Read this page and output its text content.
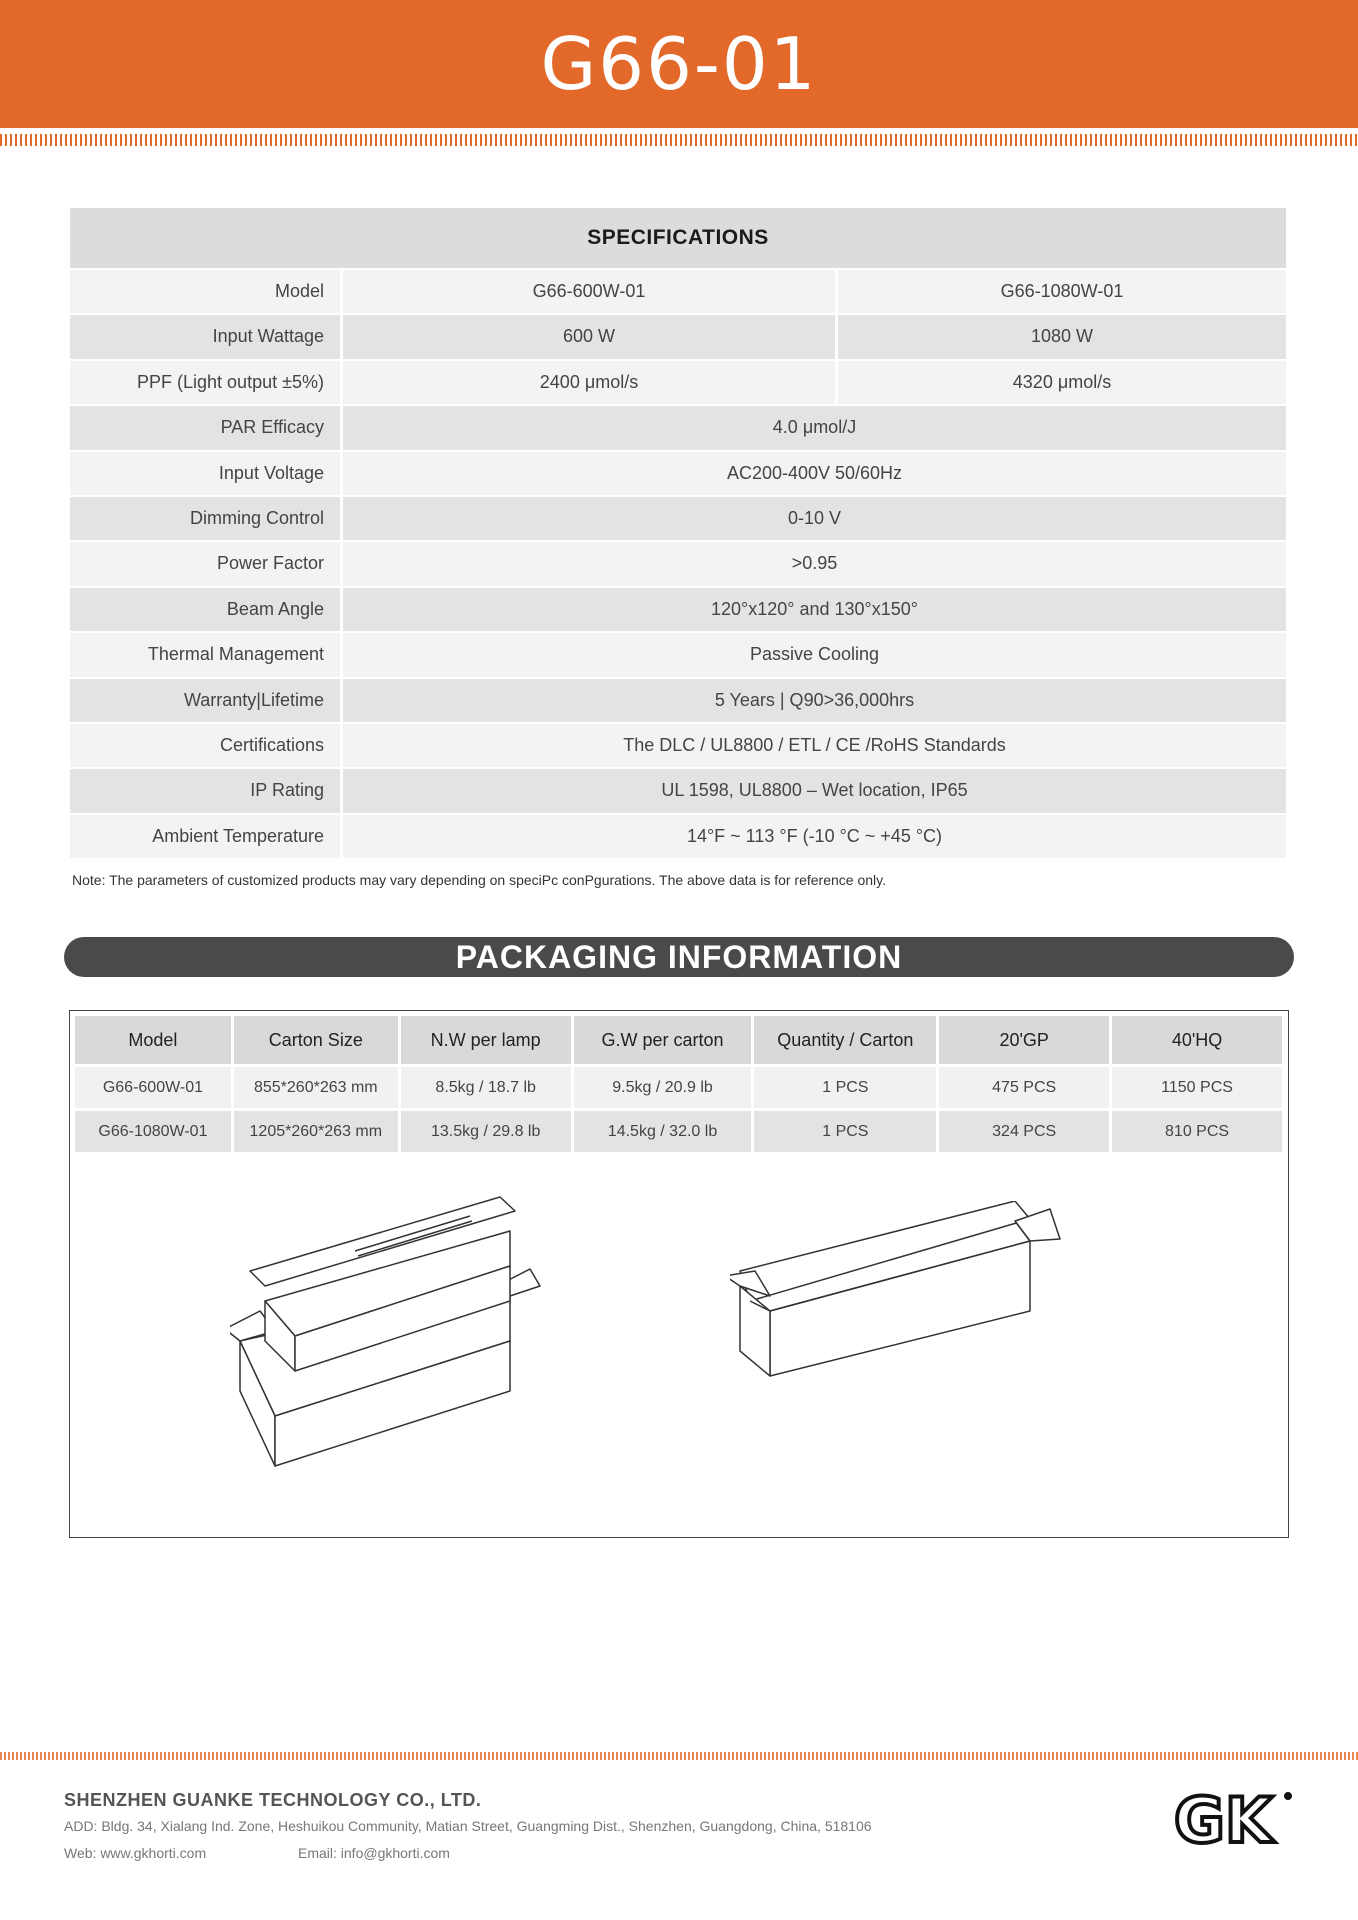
G66-01
SPECIFICATIONS
Model	G66-600W-01	G66-1080W-01
Input Wattage	600 W	1080 W
PPF (Light output ±5%)	2400 μmol/s	4320 μmol/s
PAR Efficacy	4.0 μmol/J
Input Voltage	AC200-400V 50/60Hz
Dimming Control	0-10 V
Power Factor	>0.95
Beam Angle	120°x120° and 130°x150°
Thermal Management	Passive Cooling
Warranty|Lifetime	5 Years | Q90>36,000hrs
Certifications	The DLC / UL8800 / ETL / CE /RoHS Standards
IP Rating	UL 1598, UL8800 – Wet location, IP65
Ambient Temperature	14°F ~ 113 °F (-10 °C ~ +45 °C)
Note: The parameters of customized products may vary depending on speciPc conPgurations. The above data is for reference only.
PACKAGING INFORMATION
Model	Carton Size	N.W per lamp	G.W per carton	Quantity / Carton	20'GP	40'HQ
G66-600W-01	855*260*263 mm	8.5kg / 18.7 lb	9.5kg / 20.9 lb	1 PCS	475 PCS	1150 PCS
G66-1080W-01	1205*260*263 mm	13.5kg / 29.8 lb	14.5kg / 32.0 lb	1 PCS	324 PCS	810 PCS
SHENZHEN GUANKE TECHNOLOGY CO., LTD.
ADD: Bldg. 34, Xialang Ind. Zone, Heshuikou Community, Matian Street, Guangming Dist., Shenzhen, Guangdong, China, 518106
Web: www.gkhorti.com	Email: info@gkhorti.com	GK
